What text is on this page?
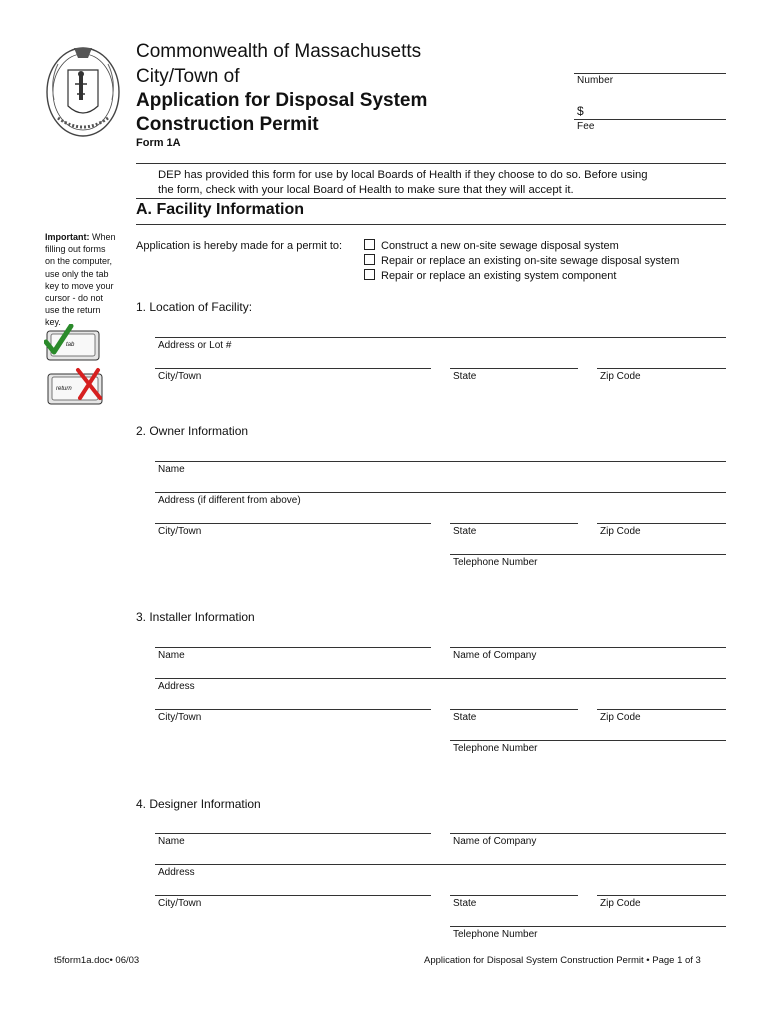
Commonwealth of Massachusetts
City/Town of
Application for Disposal System
Construction Permit
Form 1A
Number
$
Fee
DEP has provided this form for use by local Boards of Health if they choose to do so. Before using
the form, check with your local Board of Health to make sure that they will accept it.
A. Facility Information
Important: When
filling out forms
on the computer,
use only the tab
key to move your
cursor - do not
use the return
key.
tab
return
Application is hereby made for a permit to:	Construct a new on-site sewage disposal system
Repair or replace an existing on-site sewage disposal system
Repair or replace an existing system component
1. Location of Facility:
Address or Lot #
City/Town	State	Zip Code
2. Owner Information
Name
Address (if different from above)
City/Town	State	Zip Code
Telephone Number
3. Installer Information
Name	Name of Company
Address
City/Town	State	Zip Code
Telephone Number
4. Designer Information
Name	Name of Company
Address
City/Town	State	Zip Code
Telephone Number
t5form1a.doc• 06/03	Application for Disposal System Construction Permit • Page 1 of 3
